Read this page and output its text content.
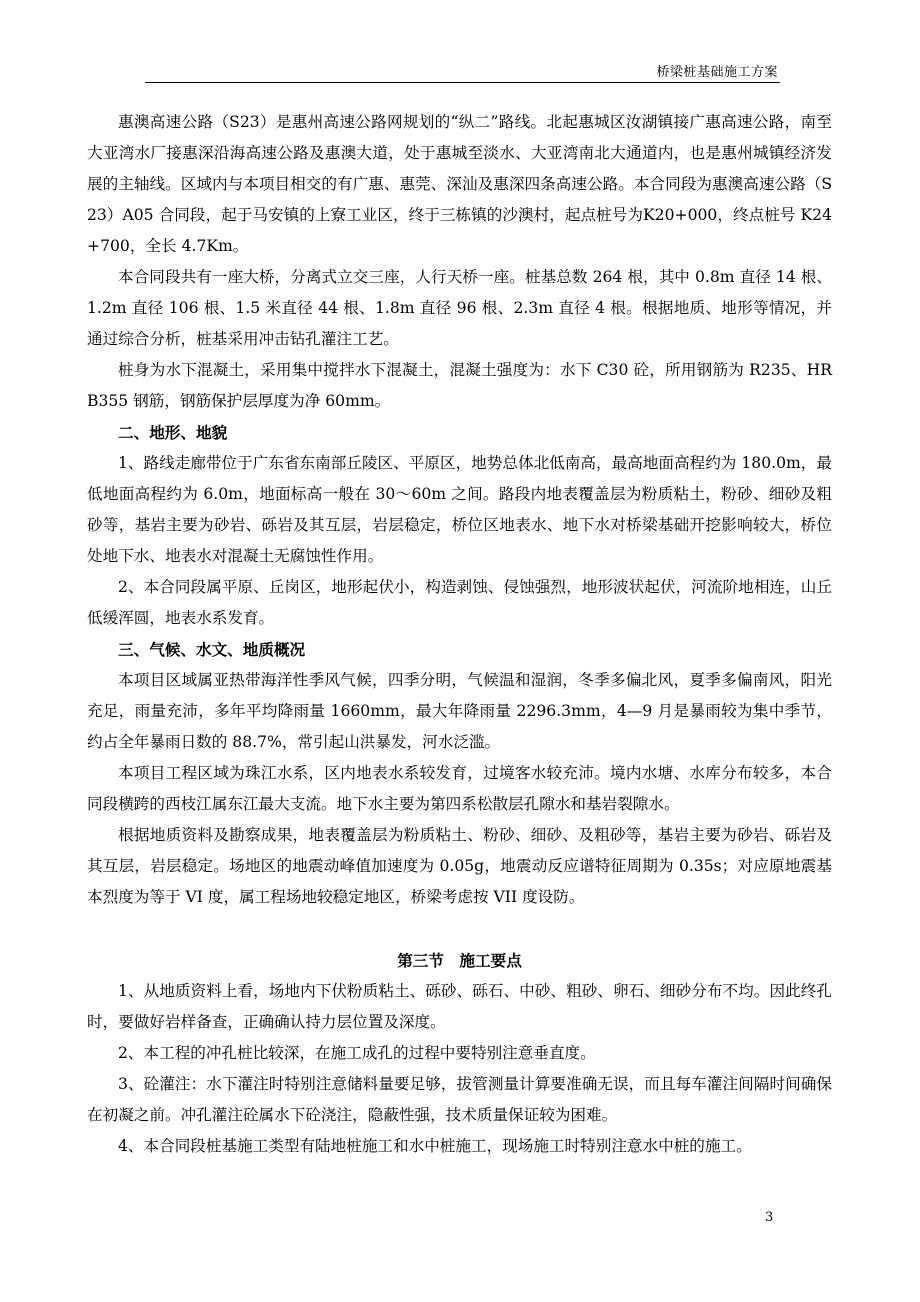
桥梁桩基础施工方案

惠澳高速公路（S23）是惠州高速公路网规划的“纵二”路线。北起惠城区汝湖镇接广惠高速公路，南至大亚湾水厂接惠深沿海高速公路及惠澳大道，处于惠城至淡水、大亚湾南北大通道内，也是惠州城镇经济发展的主轴线。区域内与本项目相交的有广惠、惠莞、深汕及惠深四条高速公路。本合同段为惠澳高速公路（S23）A05 合同段，起于马安镇的上寮工业区，终于三栋镇的沙澳村，起点桩号为K20+000，终点桩号 K24+700，全长 4.7Km。

本合同段共有一座大桥，分离式立交三座，人行天桥一座。桩基总数 264 根，其中 0.8m 直径 14 根、1.2m 直径 106 根、1.5 米直径 44 根、1.8m 直径 96 根、2.3m 直径 4 根。根据地质、地形等情况，并通过综合分析，桩基采用冲击钻孔灌注工艺。

桩身为水下混凝土，采用集中搅拌水下混凝土，混凝土强度为：水下 C30 砼，所用钢筋为 R235、HRB355 钢筋，钢筋保护层厚度为净 60mm。

二、地形、地貌

1、路线走廊带位于广东省东南部丘陵区、平原区，地势总体北低南高，最高地面高程约为 180.0m，最低地面高程约为 6.0m，地面标高一般在 30～60m 之间。路段内地表覆盖层为粉质粘土，粉砂、细砂及粗砂等，基岩主要为砂岩、砾岩及其互层，岩层稳定，桥位区地表水、地下水对桥梁基础开挖影响较大，桥位处地下水、地表水对混凝土无腐蚀性作用。

2、本合同段属平原、丘岗区，地形起伏小，构造剥蚀、侵蚀强烈，地形波状起伏，河流阶地相连，山丘低缓浑圆，地表水系发育。

三、气候、水文、地质概况

本项目区域属亚热带海洋性季风气候，四季分明，气候温和湿润，冬季多偏北风，夏季多偏南风，阳光充足，雨量充沛，多年平均降雨量 1660mm，最大年降雨量 2296.3mm，4—9 月是暴雨较为集中季节，约占全年暴雨日数的 88.7%，常引起山洪暴发，河水泛滥。

本项目工程区域为珠江水系，区内地表水系较发育，过境客水较充沛。境内水塘、水库分布较多，本合同段横跨的西枝江属东江最大支流。地下水主要为第四系松散层孔隙水和基岩裂隙水。

根据地质资料及勘察成果，地表覆盖层为粉质粘土、粉砂、细砂、及粗砂等，基岩主要为砂岩、砾岩及其互层，岩层稳定。场地区的地震动峰值加速度为 0.05g，地震动反应谱特征周期为 0.35s；对应原地震基本烈度为等于 VI 度，属工程场地较稳定地区，桥梁考虑按 VII 度设防。

第三节 施工要点

1、从地质资料上看，场地内下伏粉质粘土、砾砂、砾石、中砂、粗砂、卵石、细砂分布不均。因此终孔时，要做好岩样备查，正确确认持力层位置及深度。

2、本工程的冲孔桩比较深，在施工成孔的过程中要特别注意垂直度。

3、砼灌注：水下灌注时特别注意储料量要足够，拔管测量计算要准确无误，而且每车灌注间隔时间确保在初凝之前。冲孔灌注砼属水下砼浇注，隐蔽性强，技术质量保证较为困难。

4、本合同段桩基施工类型有陆地桩施工和水中桩施工，现场施工时特别注意水中桩的施工。

3
